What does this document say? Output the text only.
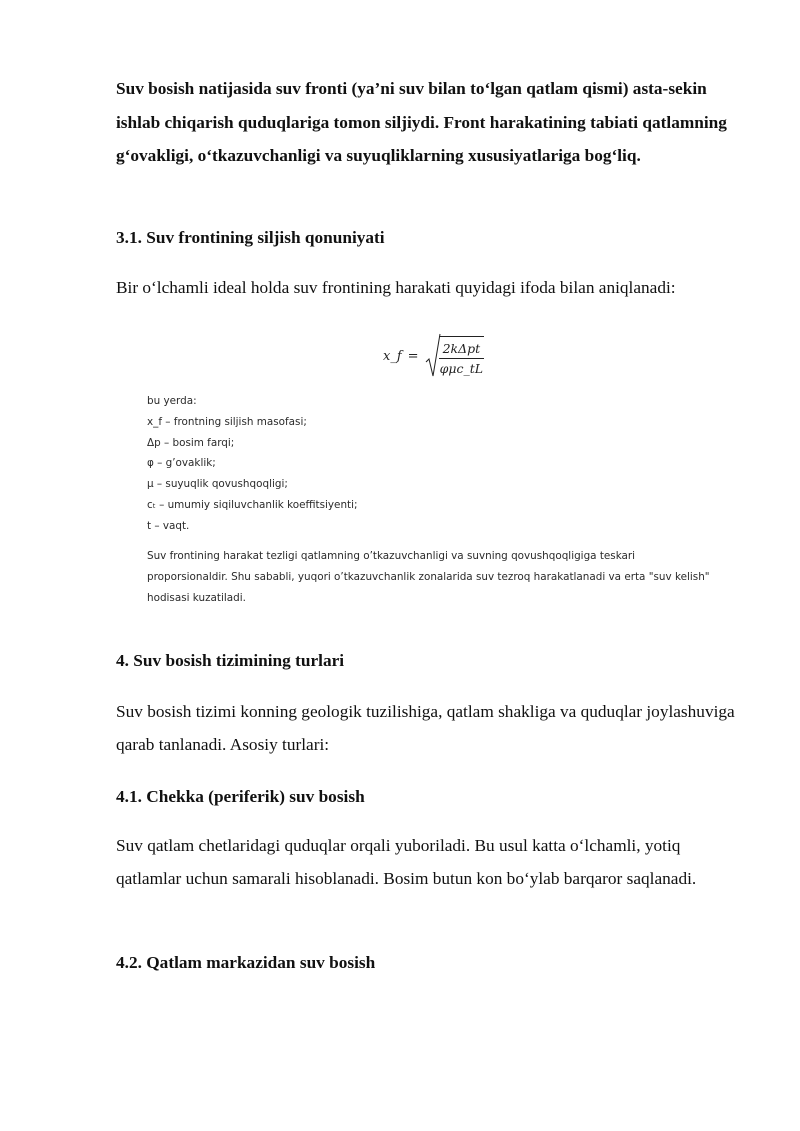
Suv bosish natijasida suv fronti (ya’ni suv bilan to‘lgan qatlam qismi) asta-sekin ishlab chiqarish quduqlariga tomon siljiydi. Front harakatining tabiati qatlamning g‘ovakligi, o‘tkazuvchanligi va suyuqliklarning xususiyatlariga bog‘liq.

3.1. Suv frontining siljish qonuniyati

Bir o‘lchamli ideal holda suv frontining harakati quyidagi ifoda bilan aniqlanadi:

x_f = $\frac{\text{2kΔpt}}{\text{φμc\_tL}}$
bu yerda:
x_f – frontning siljish masofasi;
Δp – bosim farqi;
φ – g’ovaklik;
μ – suyuqlik qovushqoqligi;
cₜ – umumiy siqiluvchanlik koeffitsiyenti;
t – vaqt.
Suv frontining harakat tezligi qatlamning o’tkazuvchanligi va suvning qovushqoqligiga teskari proporsionaldir. Shu sababli, yuqori o’tkazuvchanlik zonalarida suv tezroq harakatlanadi va erta "suv kelish" hodisasi kuzatiladi.
4. Suv bosish tizimining turlari

Suv bosish tizimi konning geologik tuzilishiga, qatlam shakliga va quduqlar joylashuviga qarab tanlanadi. Asosiy turlari:

4.1. Chekka (periferik) suv bosish

Suv qatlam chetlaridagi quduqlar orqali yuboriladi. Bu usul katta o‘lchamli, yotiq qatlamlar uchun samarali hisoblanadi. Bosim butun kon bo‘ylab barqaror saqlanadi.

4.2. Qatlam markazidan suv bosish
